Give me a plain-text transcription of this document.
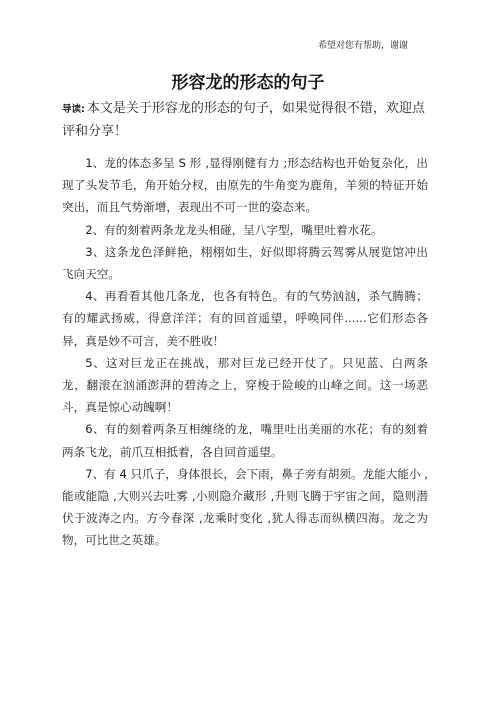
希望对您有帮助，谢谢
形容龙的形态的句子
导读: 本文是关于形容龙的形态的句子，如果觉得很不错，欢迎点评和分享！

1、龙的体态多呈 S 形 ,显得刚健有力 ;形态结构也开始复杂化，出现了头发节毛，角开始分杈，由原先的牛角变为鹿角，羊须的特征开始突出，而且气势渐增，表现出不可一世的姿态来。

2、有的刻着两条龙龙头相碰，呈八字型，嘴里吐着水花。

3、这条龙色泽鲜艳，栩栩如生，好似即将腾云驾雾从展览馆冲出飞向天空。

4、再看看其他几条龙，也各有特色。有的气势汹汹，杀气腾腾；有的耀武扬威，得意洋洋；有的回首遥望，呼唤同伴......它们形态各异，真是妙不可言，美不胜收！

5、这对巨龙正在挑战，那对巨龙已经开仗了。只见蓝、白两条龙，翻滚在汹涌澎湃的碧涛之上，穿梭于险峻的山峰之间。这一场恶斗，真是惊心动魄啊！

6、有的刻着两条互相缠绕的龙，嘴里吐出美丽的水花；有的刻着两条飞龙，前爪互相抵着，各自回首遥望。

7、有 4 只爪子，身体很长，会下雨，鼻子旁有胡须。龙能大能小 ,能或能隐 ,大则兴去吐雾 ,小则隐介藏形 ,升则飞腾于宇宙之间，隐则潜伏于波涛之内。方今春深 ,龙乘时变化 ,犹人得志而纵横四海。龙之为物，可比世之英雄。
